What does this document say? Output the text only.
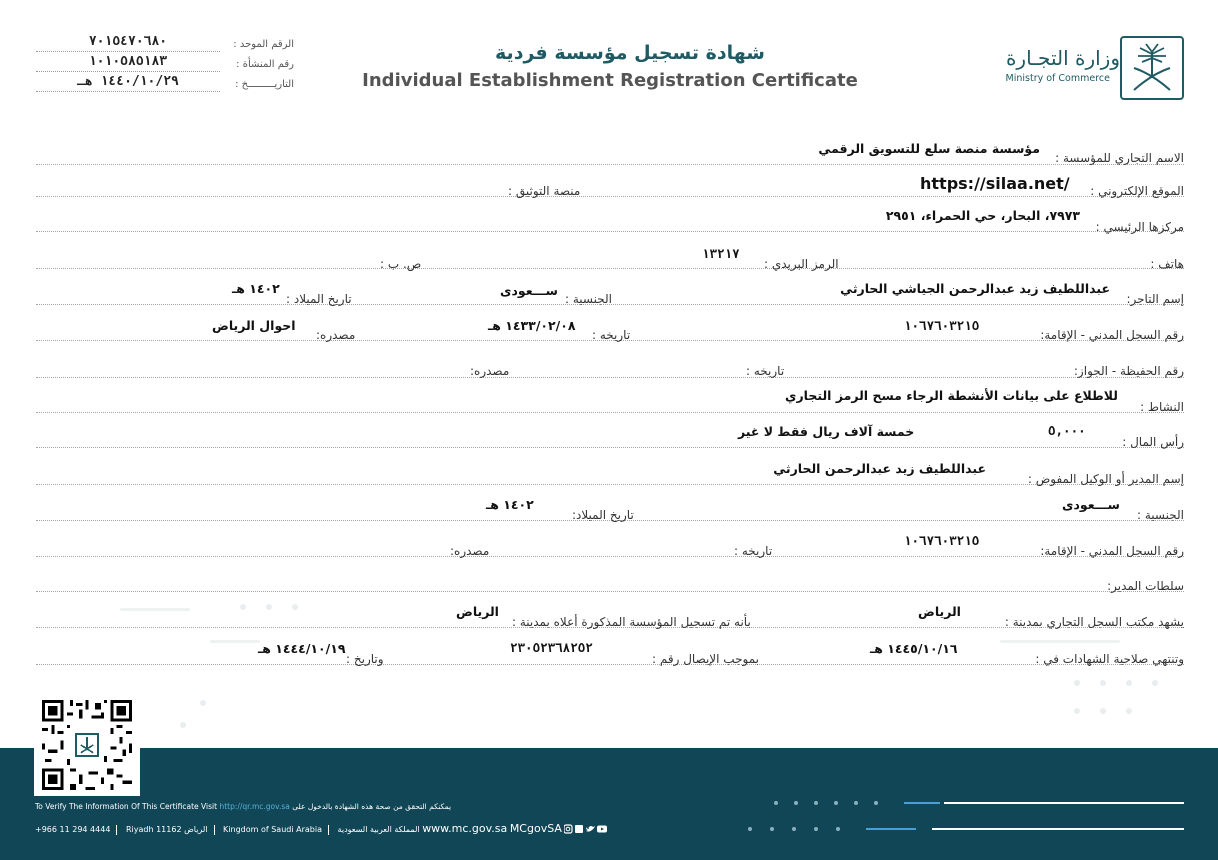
٧٠١٥٤٧٠٦٨٠	الرقم الموحد :
١٠١٠٥٨٥١٨٣	رقم المنشأة :
١٤٤٠/١٠/٢٩ هـ	التاريـــــــــخ :
شهادة تسجيل مؤسسة فردية
Individual Establishment Registration Certificate
وزارة التجـارة
Ministry of Commerce
الاسم التجاري للمؤسسة :
مؤسسة منصة سلع للتسويق الرقمي
الموقع الإلكتروني :
https://silaa.net/
منصة التوثيق :
مركزها الرئيسي :
٧٩٧٣، البحار، حي الحمراء، ٢٩٥١
هاتف :
الرمز البريدي :
١٣٢١٧
ص. ب :
إسم التاجر:
عبداللطيف زيد عبدالرحمن الجياشي الحارثي
الجنسية :
ســـعودى
تاريخ الميلاد :
١٤٠٢ هـ
رقم السجل المدني - الإقامة:
١٠٦٧٦٠٣٢١٥
تاريخه :
١٤٣٣/٠٢/٠٨ هـ
مصدره:
احوال الرياض
رقم الحفيظة - الجواز:
تاريخه :
مصدره:
النشاط :
للاطلاع على بيانات الأنشطة الرجاء مسح الرمز التجاري
رأس المال :
٥,٠٠٠
خمسة آلاف ريال فقط لا غير
إسم المدير أو الوكيل المفوض :
عبداللطيف زيد عبدالرحمن الحارثي
الجنسية :
ســـعودى
تاريخ الميلاد:
١٤٠٢ هـ
رقم السجل المدني - الإقامة:
١٠٦٧٦٠٣٢١٥
تاريخه :
مصدره:
سلطات المدير:
يشهد مكتب السجل التجاري بمدينة :
الرياض
بأنه تم تسجيل المؤسسة المذكورة أعلاه بمدينة :
الرياض
وتنتهي صلاحية الشهادات في :
١٤٤٥/١٠/١٦ هـ
بموجب الإيصال رقم :
٢٣٠٥٢٣٦٨٢٥٢
وتاريخ :
١٤٤٤/١٠/١٩ هـ
To Verify The Information Of This Certificate Visit http://qr.mc.gov.sa يمكنكم التحقق من صحة هذه الشهادة بالدخول على
+966 11 294 4444 Riyadh 11162 الرياض Kingdom of Saudi Arabia المملكة العربية السعودية www.mc.gov.sa MCgovSA
